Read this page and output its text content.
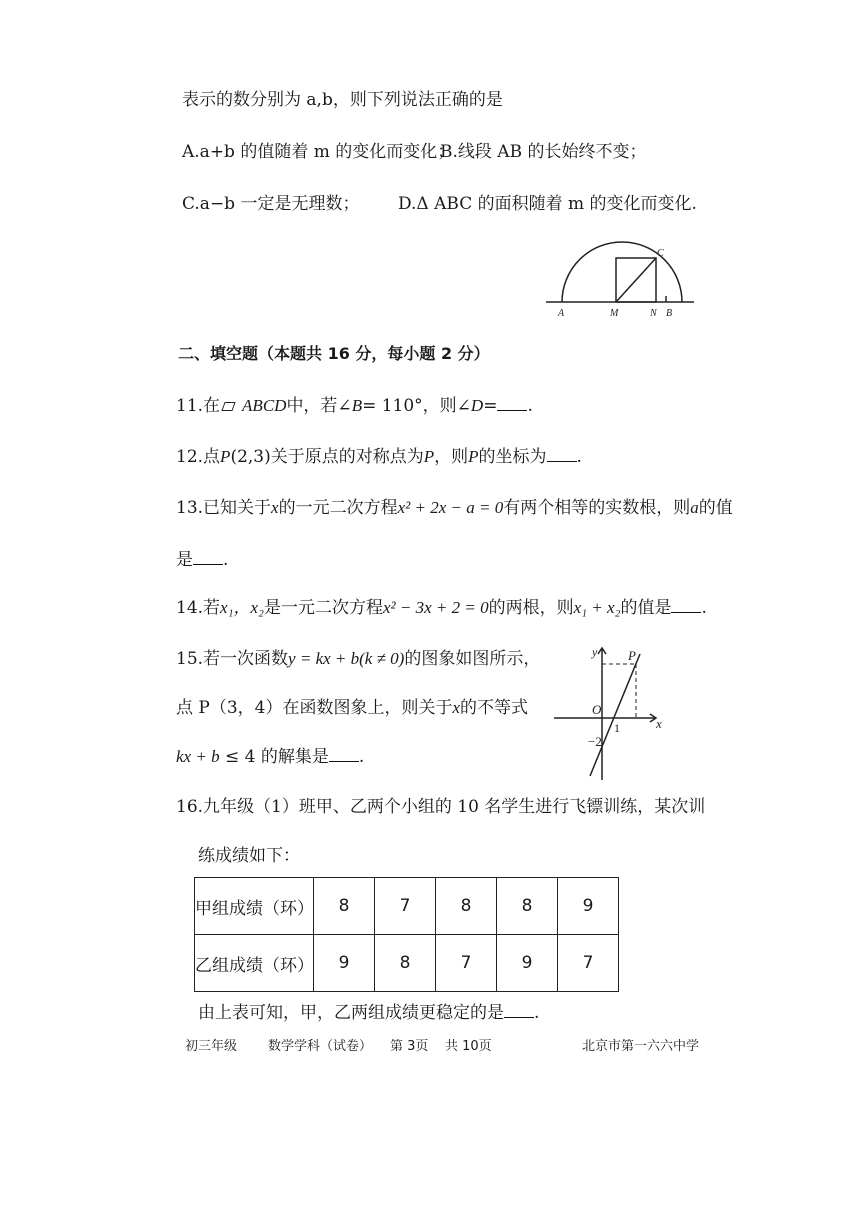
表示的数分别为 a,b，则下列说法正确的是
A.a+b 的值随着 m 的变化而变化；
B.线段 AB 的长始终不变；
C.a−b 一定是无理数； D.Δ ABC 的面积随着 m 的变化而变化.
A	M	N B
C
二、填空题（本题共 16 分，每小题 2 分）
11.在 ABCD中，若∠B= 110°，则∠D= .
12.点P(2,3)关于原点的对称点为P，则P的坐标为 .
13.已知关于x的一元二次方程x² + 2x − a = 0有两个相等的实数根，则a的值
是 .
14.若x₁，x₂是一元二次方程x² − 3x + 2 = 0的两根，则x₁ + x₂的值是 .
15.若一次函数y = kx + b(k ≠ 0)的图象如图所示，
点 P（3，4）在函数图象上，则关于x的不等式
kx + b ≤ 4 的解集是 .
y P
O
1	x
−2
16.九年级（1）班甲、乙两个小组的 10 名学生进行飞镖训练，某次训
练成绩如下：
甲组成绩（环）	8	7	8	8	9
乙组成绩（环）	9	8	7	9	7
由上表可知，甲，乙两组成绩更稳定的是 .
初三年级 数学学科（试卷） 第 3页 共 10页	北京市第一六六中学
